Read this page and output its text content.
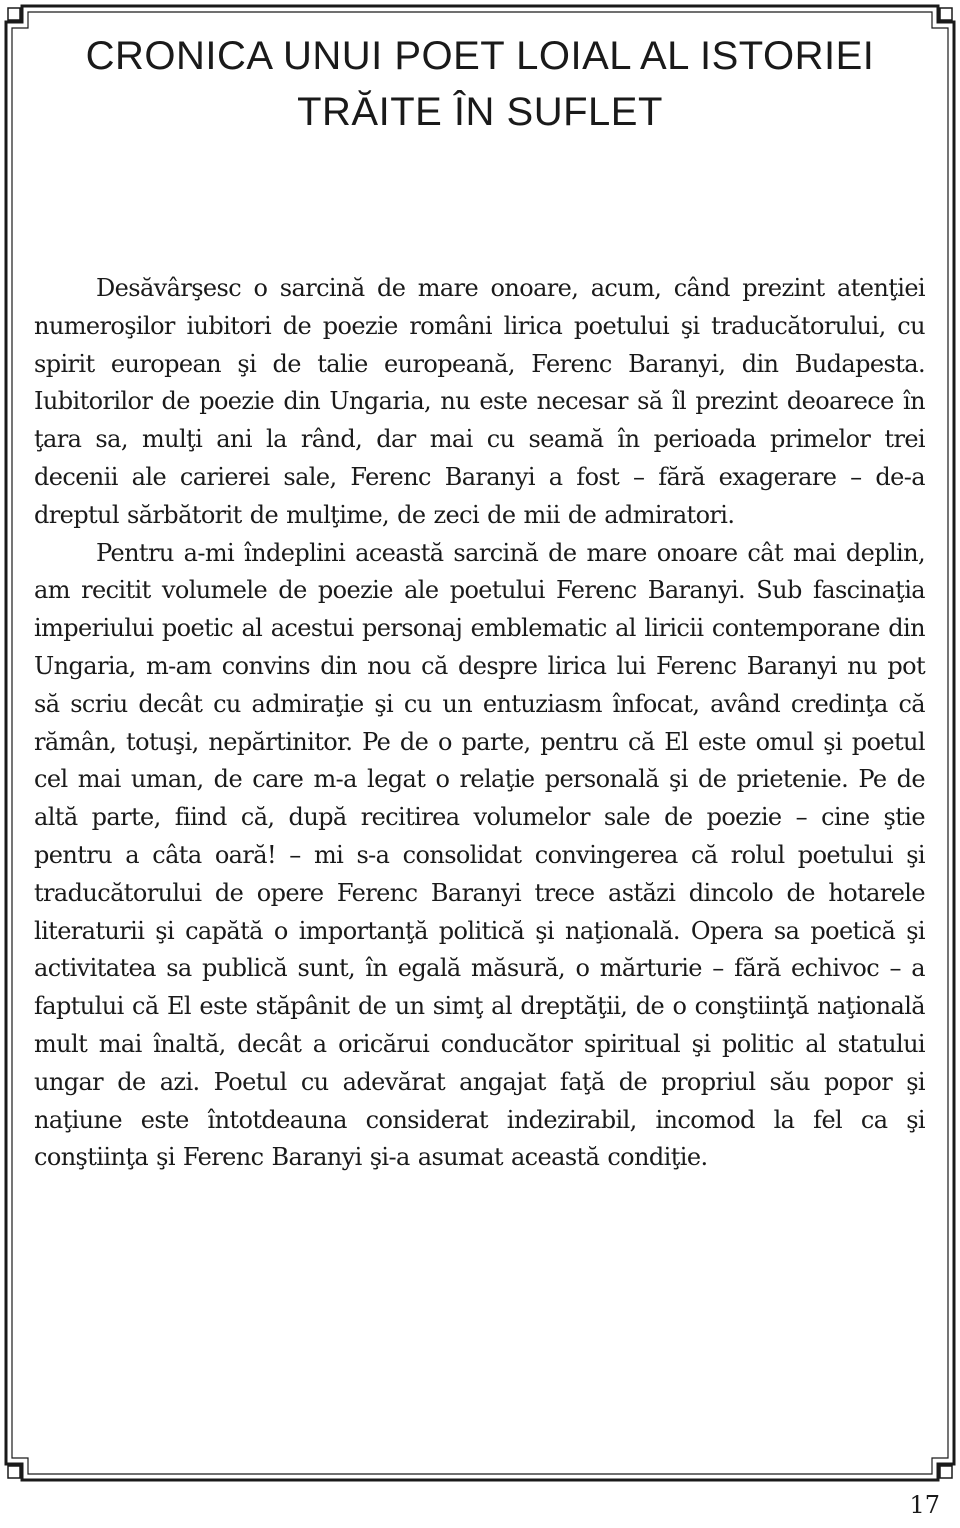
CRONICA UNUI POET LOIAL AL ISTORIEI TRĂITE ÎN SUFLET

Desăvârşesc o sarcină de mare onoare, acum, când prezint atenţiei numeroşilor iubitori de poezie români lirica poetului şi traducătorului, cu spirit european şi de talie europeană, Ferenc Baranyi, din Budapesta. Iubitorilor de poezie din Ungaria, nu este necesar să îl prezint deoarece în ţara sa, mulţi ani la rând, dar mai cu seamă în perioada primelor trei decenii ale carierei sale, Ferenc Baranyi a fost – fără exagerare – de-a dreptul sărbătorit de mulţime, de zeci de mii de admiratori.

Pentru a-mi îndeplini această sarcină de mare onoare cât mai deplin, am recitit volumele de poezie ale poetului Ferenc Baranyi. Sub fascinaţia imperiului poetic al acestui personaj emblematic al liricii contemporane din Ungaria, m-am convins din nou că despre lirica lui Ferenc Baranyi nu pot să scriu decât cu admiraţie şi cu un entuziasm înfocat, având credinţa că rămân, totuşi, nepărtinitor. Pe de o parte, pentru că El este omul şi poetul cel mai uman, de care m-a legat o relaţie personală şi de prietenie. Pe de altă parte, fiind că, după recitirea volumelor sale de poezie – cine ştie pentru a câta oară! – mi s-a consolidat convingerea că rolul poetului şi traducătorului de opere Ferenc Baranyi trece astăzi dincolo de hotarele literaturii şi capătă o importanţă politică şi naţională. Opera sa poetică şi activitatea sa publică sunt, în egală măsură, o mărturie – fără echivoc – a faptului că El este stăpânit de un simţ al dreptăţii, de o conştiinţă naţională mult mai înaltă, decât a oricărui conducător spiritual şi politic al statului ungar de azi. Poetul cu adevărat angajat faţă de propriul său popor şi naţiune este întotdeauna considerat indezirabil, incomod la fel ca şi conştiinţa şi Ferenc Baranyi şi-a asumat această condiţie.

17
